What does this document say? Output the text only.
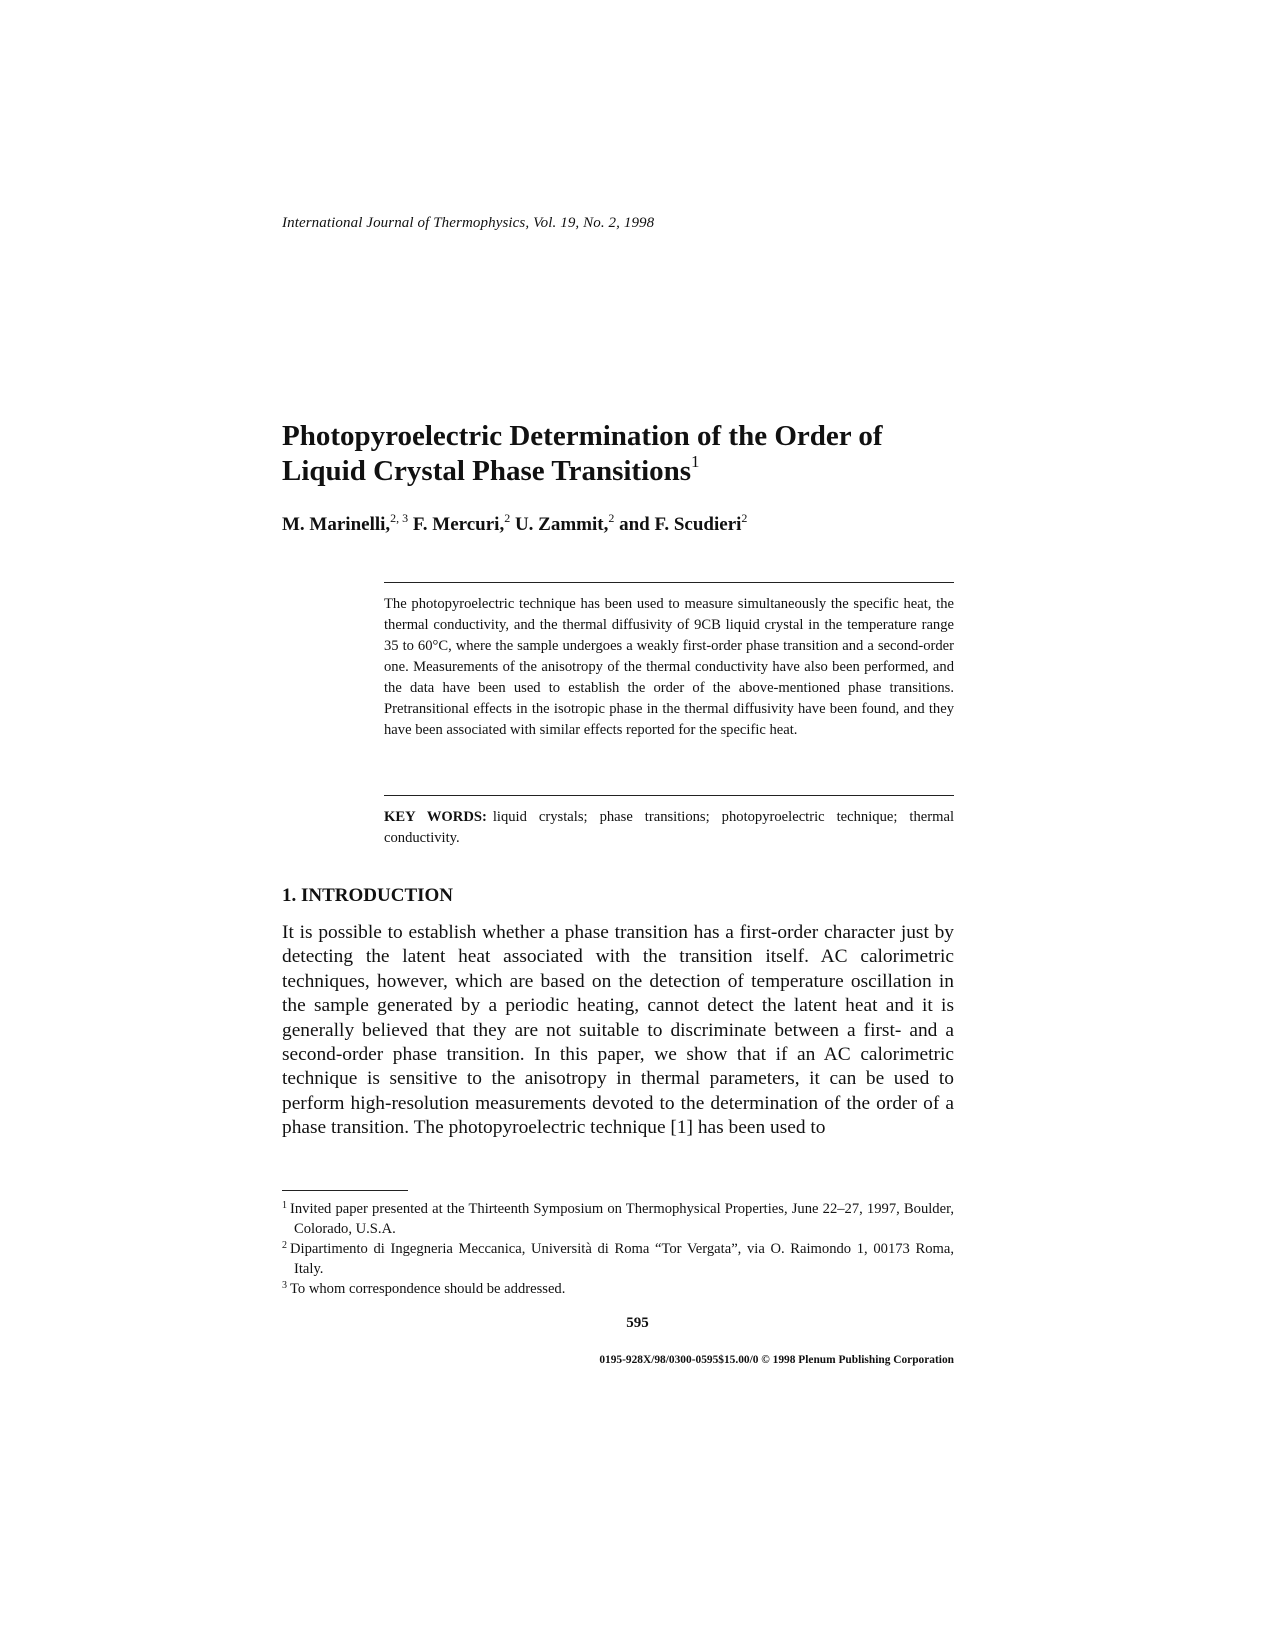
International Journal of Thermophysics, Vol. 19, No. 2, 1998
Photopyroelectric Determination of the Order of
Liquid Crystal Phase Transitions$^1$
M. Marinelli,$^{2, 3}$ F. Mercuri,$^2$ U. Zammit,$^2$ and F. Scudieri$^2$

The photopyroelectric technique has been used to measure simultaneously the specific heat, the thermal conductivity, and the thermal diffusivity of 9CB liquid crystal in the temperature range 35 to 60°C, where the sample undergoes a weakly first-order phase transition and a second-order one. Measurements of the anisotropy of the thermal conductivity have also been performed, and the data have been used to establish the order of the above-mentioned phase transitions. Pretransitional effects in the isotropic phase in the thermal diffusivity have been found, and they have been associated with similar effects reported for the specific heat.

KEY WORDS: liquid crystals; phase transitions; photopyroelectric technique; thermal conductivity.

1. INTRODUCTION

It is possible to establish whether a phase transition has a first-order character just by detecting the latent heat associated with the transition itself. AC calorimetric techniques, however, which are based on the detection of temperature oscillation in the sample generated by a periodic heating, cannot detect the latent heat and it is generally believed that they are not suitable to discriminate between a first- and a second-order phase transition. In this paper, we show that if an AC calorimetric technique is sensitive to the anisotropy in thermal parameters, it can be used to perform high-resolution measurements devoted to the determination of the order of a phase transition. The photopyroelectric technique [1] has been used to

$^1$ Invited paper presented at the Thirteenth Symposium on Thermophysical Properties, June 22–27, 1997, Boulder, Colorado, U.S.A.
$^2$ Dipartimento di Ingegneria Meccanica, Università di Roma “Tor Vergata”, via O. Raimondo 1, 00173 Roma, Italy.
$^3$ To whom correspondence should be addressed.
595
0195-928X/98/0300-0595$15.00/0 © 1998 Plenum Publishing Corporation
